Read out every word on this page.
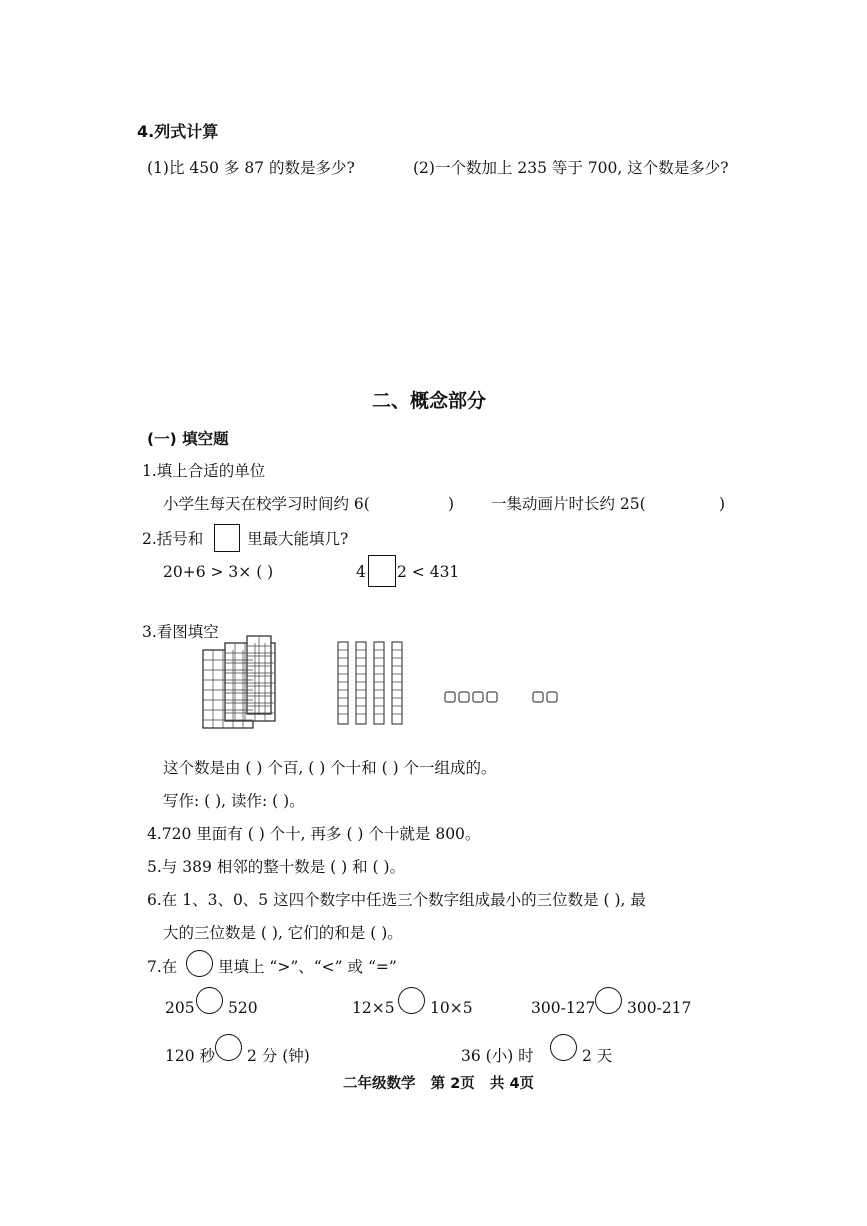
4.列式计算
(1)比 450 多 87 的数是多少?	(2)一个数加上 235 等于 700, 这个数是多少?
二、概念部分
(一) 填空题
1.填上合适的单位
小学生每天在校学习时间约 6(	) 一集动画片时长约 25(	)
2.括号和	里最大能填几?
20+6 > 3× ( )	4 2 < 431
3.看图填空
这个数是由 ( ) 个百, ( ) 个十和 ( ) 个一组成的。
写作: ( ), 读作: ( )。
4.720 里面有 ( ) 个十, 再多 ( ) 个十就是 800。
5.与 389 相邻的整十数是 ( ) 和 ( )。
6.在 1、3、0、5 这四个数字中任选三个数字组成最小的三位数是 ( ), 最
大的三位数是 ( ), 它们的和是 ( )。
7.在	里填上 “>”、“<” 或 “=”
205 520	12×5 10×5	300-127 300-217
120 秒 2 分 (钟)	36 (小) 时	2 天
二年级数学   第 2页   共 4页
